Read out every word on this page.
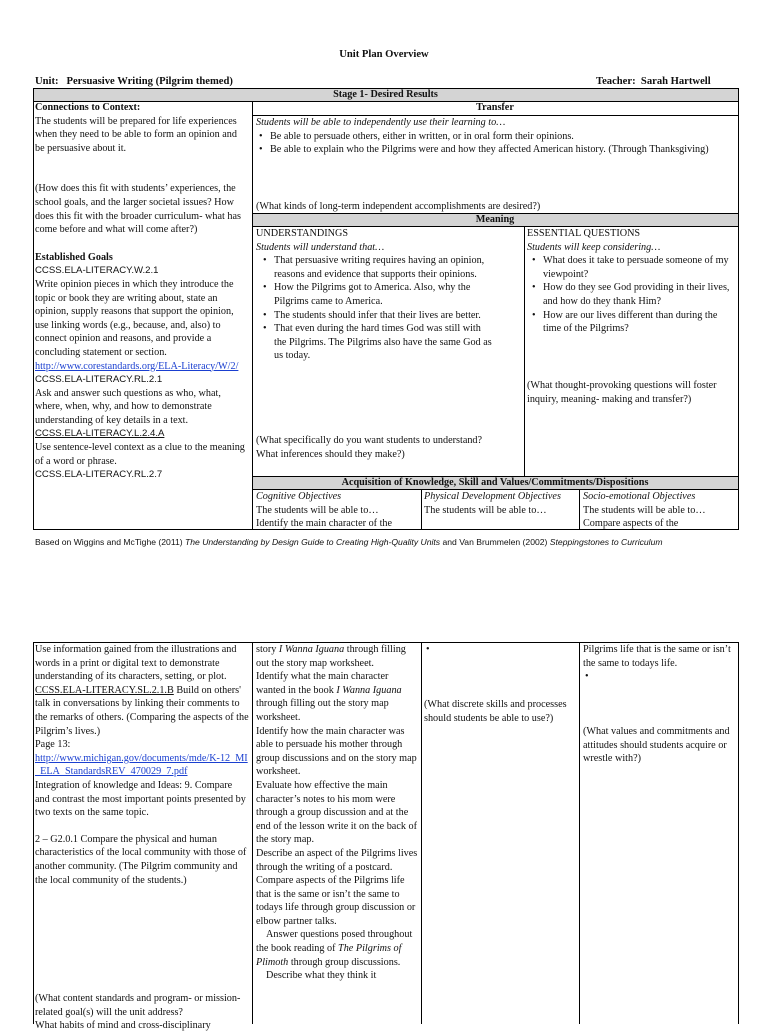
Unit Plan Overview
Unit: Persuasive Writing (Pilgrim themed)	Teacher: Sarah Hartwell
Stage 1- Desired Results
Transfer
Meaning
Acquisition of Knowledge, Skill and Values/Commitments/Dispositions
Connections to Context:
The students will be prepared for life experiences when they need to be able to form an opinion and be persuasive about it.
(How does this fit with students’ experiences, the school goals, and the larger societal issues? How does this fit with the broader curriculum- what has come before and what will come after?)
Established Goals
CCSS.ELA-LITERACY.W.2.1
Write opinion pieces in which they introduce the topic or book they are writing about, state an opinion, supply reasons that support the opinion, use linking words (e.g., because, and, also) to connect opinion and reasons, and provide a concluding statement or section.
http://www.corestandards.org/ELA-Literacy/W/2/
CCSS.ELA-LITERACY.RL.2.1
Ask and answer such questions as who, what, where, when, why, and how to demonstrate understanding of key details in a text.
CCSS.ELA-LITERACY.L.2.4.A
Use sentence-level context as a clue to the meaning of a word or phrase.
CCSS.ELA-LITERACY.RL.2.7
Students will be able to independently use their learning to…
• Be able to persuade others, either in written, or in oral form their opinions.
• Be able to explain who the Pilgrims were and how they affected American history. (Through Thanksgiving)
(What kinds of long-term independent accomplishments are desired?)
UNDERSTANDINGS
Students will understand that…
• That persuasive writing requires having an opinion, reasons and evidence that supports their opinions.
• How the Pilgrims got to America. Also, why the Pilgrims came to America.
• The students should infer that their lives are better.
• That even during the hard times God was still with the Pilgrims. The Pilgrims also have the same God as us today.
(What specifically do you want students to understand?
What inferences should they make?)
ESSENTIAL QUESTIONS
Students will keep considering…
• What does it take to persuade someone of my viewpoint?
• How do they see God providing in their lives, and how do they thank Him?
• How are our lives different than during the time of the Pilgrims?
(What thought-provoking questions will foster inquiry, meaning- making and transfer?)
Cognitive Objectives
The students will be able to…
Identify the main character of the
Physical Development Objectives
The students will be able to…
Socio-emotional Objectives
The students will be able to…
Compare aspects of the
Based on Wiggins and McTighe (2011) The Understanding by Design Guide to Creating High-Quality Units and Van Brummelen (2002) Steppingstones to Curriculum
Use information gained from the illustrations and words in a print or digital text to demonstrate understanding of its characters, setting, or plot. CCSS.ELA-LITERACY.SL.2.1.B Build on others' talk in conversations by linking their comments to the remarks of others. (Comparing the aspects of the Pilgrim’s lives.)
Page 13:
http://www.michigan.gov/documents/mde/K-12_MI_ELA_StandardsREV_470029_7.pdf
Integration of knowledge and Ideas: 9. Compare and contrast the most important points presented by two texts on the same topic.
2 – G2.0.1 Compare the physical and human characteristics of the local community with those of another community. (The Pilgrim community and the local community of the students.)
(What content standards and program- or mission-related goal(s) will the unit address?
What habits of mind and cross-disciplinary
story I Wanna Iguana through filling out the story map worksheet.
Identify what the main character wanted in the book I Wanna Iguana through filling out the story map worksheet.
Identify how the main character was able to persuade his mother through group discussions and on the story map worksheet.
Evaluate how effective the main character’s notes to his mom were through a group discussion and at the end of the lesson write it on the back of the story map.
Describe an aspect of the Pilgrims lives through the writing of a postcard.
Compare aspects of the Pilgrims life that is the same or isn’t the same to todays life through group discussion or elbow partner talks.
Answer questions posed throughout the book reading of The Pilgrims of Plimoth through group discussions.
Describe what they think it
•
(What discrete skills and processes should students be able to use?)
Pilgrims life that is the same or isn’t the same to todays life.
•
(What values and commitments and attitudes should students acquire or wrestle with?)
